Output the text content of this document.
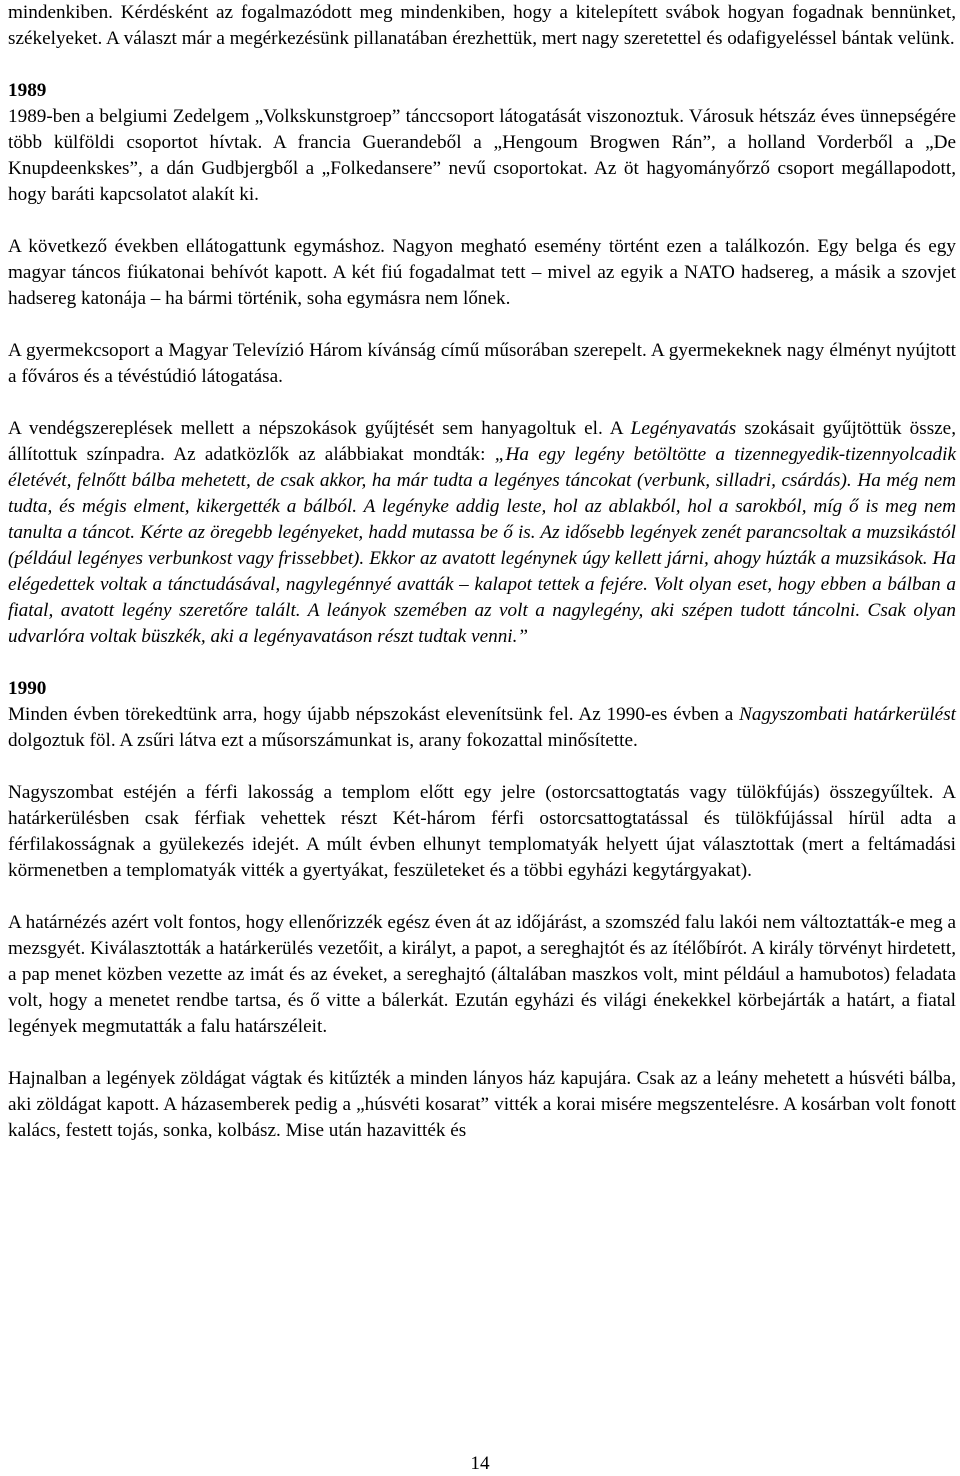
mindenkiben. Kérdésként az fogalmazódott meg mindenkiben, hogy a kitelepített svábok hogyan fogadnak bennünket, székelyeket. A választ már a megérkezésünk pillanatában érezhettük, mert nagy szeretettel és odafigyeléssel bántak velünk.

1989

1989-ben a belgiumi Zedelgem „Volkskunstgroep” tánccsoport látogatását viszonoztuk. Városuk hétszáz éves ünnepségére több külföldi csoportot hívtak. A francia Guerandeből a „Hengoum Brogwen Rán”, a holland Vorderből a „De Knupdeenkskes”, a dán Gudbjergből a „Folkedansere” nevű csoportokat. Az öt hagyományőrző csoport megállapodott, hogy baráti kapcsolatot alakít ki.

A következő években ellátogattunk egymáshoz. Nagyon megható esemény történt ezen a találkozón. Egy belga és egy magyar táncos fiúkatonai behívót kapott. A két fiú fogadalmat tett – mivel az egyik a NATO hadsereg, a másik a szovjet hadsereg katonája – ha bármi történik, soha egymásra nem lőnek.

A gyermekcsoport a Magyar Televízió Három kívánság című műsorában szerepelt. A gyermekeknek nagy élményt nyújtott a főváros és a tévéstúdió látogatása.

A vendégszereplések mellett a népszokások gyűjtését sem hanyagoltuk el. A Legényavatás szokásait gyűjtöttük össze, állítottuk színpadra. Az adatközlők az alábbiakat mondták: „Ha egy legény betöltötte a tizennegyedik-tizennyolcadik életévét, felnőtt bálba mehetett, de csak akkor, ha már tudta a legényes táncokat (verbunk, silladri, csárdás). Ha még nem tudta, és mégis elment, kikergették a bálból. A legényke addig leste, hol az ablakból, hol a sarokból, míg ő is meg nem tanulta a táncot. Kérte az öregebb legényeket, hadd mutassa be ő is. Az idősebb legények zenét parancsoltak a muzsikástól (például legényes verbunkost vagy frissebbet). Ekkor az avatott legénynek úgy kellett járni, ahogy húzták a muzsikások. Ha elégedettek voltak a tánctudásával, nagylegénnyé avatták – kalapot tettek a fejére. Volt olyan eset, hogy ebben a bálban a fiatal, avatott legény szeretőre talált. A leányok szemében az volt a nagylegény, aki szépen tudott táncolni. Csak olyan udvarlóra voltak büszkék, aki a legényavatáson részt tudtak venni.”

1990

Minden évben törekedtünk arra, hogy újabb népszokást elevenítsünk fel. Az 1990-es évben a Nagyszombati határkerülést dolgoztuk föl. A zsűri látva ezt a műsorszámunkat is, arany fokozattal minősítette.

Nagyszombat estéjén a férfi lakosság a templom előtt egy jelre (ostorcsattogtatás vagy tülökfújás) összegyűltek. A határkerülésben csak férfiak vehettek részt Két-három férfi ostorcsattogtatással és tülökfújással hírül adta a férfilakosságnak a gyülekezés idejét. A múlt évben elhunyt templomatyák helyett újat választottak (mert a feltámadási körmenetben a templomatyák vitték a gyertyákat, feszületeket és a többi egyházi kegytárgyakat).

A határnézés azért volt fontos, hogy ellenőrizzék egész éven át az időjárást, a szomszéd falu lakói nem változtatták-e meg a mezsgyét. Kiválasztották a határkerülés vezetőit, a királyt, a papot, a sereghajtót és az ítélőbírót. A király törvényt hirdetett, a pap menet közben vezette az imát és az éveket, a sereghajtó (általában maszkos volt, mint például a hamubotos) feladata volt, hogy a menetet rendbe tartsa, és ő vitte a bálerkát. Ezután egyházi és világi énekekkel körbejárták a határt, a fiatal legények megmutatták a falu határszéleit.

Hajnalban a legények zöldágat vágtak és kitűzték a minden lányos ház kapujára. Csak az a leány mehetett a húsvéti bálba, aki zöldágat kapott. A házasemberek pedig a „húsvéti kosarat” vitték a korai misére megszentelésre. A kosárban volt fonott kalács, festett tojás, sonka, kolbász. Mise után hazavitték és

14
